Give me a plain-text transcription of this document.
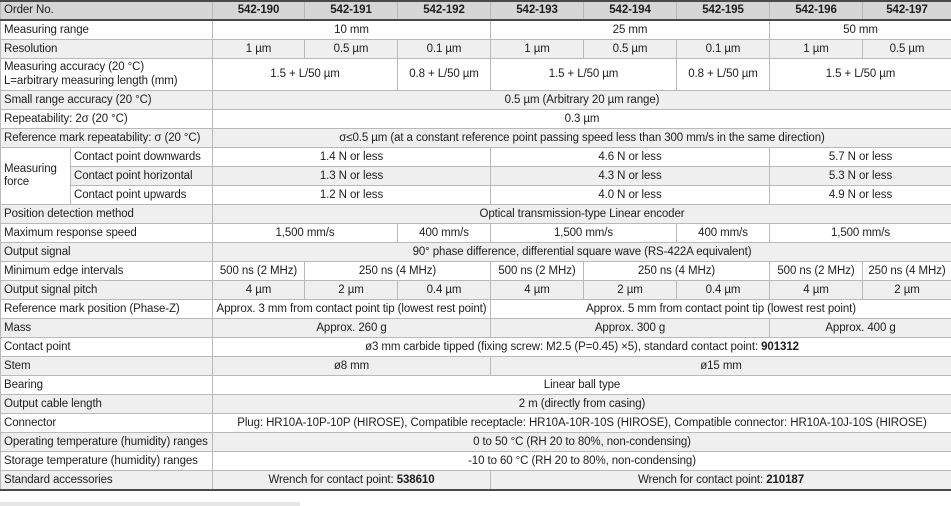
Order No.		542-190	542-191	542-192	542-193	542-194	542-195	542-196	542-197
Measuring range		10 mm			25 mm			50 mm	
Resolution		1 µm	0.5 µm	0.1 µm	1 µm	0.5 µm	0.1 µm	1 µm	0.5 µm
Measuring accuracy (20 °C)
L=arbitrary measuring length (mm)		1.5 + L/50 µm		0.8 + L/50 µm	1.5 + L/50 µm		0.8 + L/50 µm	1.5 + L/50 µm	
Small range accuracy (20 °C)		0.5 µm (Arbitrary 20 µm range)							
Repeatability: 2σ (20 °C)		0.3 µm							
Reference mark repeatability: σ (20 °C)		σ≤0.5 µm (at a constant reference point passing speed less than 300 mm/s in the same direction)							
Measuring
force	Contact point downwards	1.4 N or less			4.6 N or less			5.7 N or less	
	Contact point horizontal	1.3 N or less			4.3 N or less			5.3 N or less	
	Contact point upwards	1.2 N or less			4.0 N or less			4.9 N or less	
Position detection method		Optical transmission-type Linear encoder							
Maximum response speed		1,500 mm/s		400 mm/s	1,500 mm/s		400 mm/s	1,500 mm/s	
Output signal		90° phase difference, differential square wave (RS-422A equivalent)							
Minimum edge intervals		500 ns (2 MHz)	250 ns (4 MHz)		500 ns (2 MHz)	250 ns (4 MHz)		500 ns (2 MHz)	250 ns (4 MHz)
Output signal pitch		4 µm	2 µm	0.4 µm	4 µm	2 µm	0.4 µm	4 µm	2 µm
Reference mark position (Phase-Z)		Approx. 3 mm from contact point tip (lowest rest point)			Approx. 5 mm from contact point tip (lowest rest point)				
Mass		Approx. 260 g			Approx. 300 g			Approx. 400 g	
Contact point		ø3 mm carbide tipped (fixing screw: M2.5 (P=0.45) ×5), standard contact point: 901312							
Stem		ø8 mm			ø15 mm				
Bearing		Linear ball type							
Output cable length		2 m (directly from casing)							
Connector		Plug: HR10A-10P-10P (HIROSE), Compatible receptacle: HR10A-10R-10S (HIROSE), Compatible connector: HR10A-10J-10S (HIROSE)							
Operating temperature (humidity) ranges		0 to 50 °C (RH 20 to 80%, non-condensing)							
Storage temperature (humidity) ranges		-10 to 60 °C (RH 20 to 80%, non-condensing)							
Standard accessories		Wrench for contact point: 538610			Wrench for contact point: 210187				
